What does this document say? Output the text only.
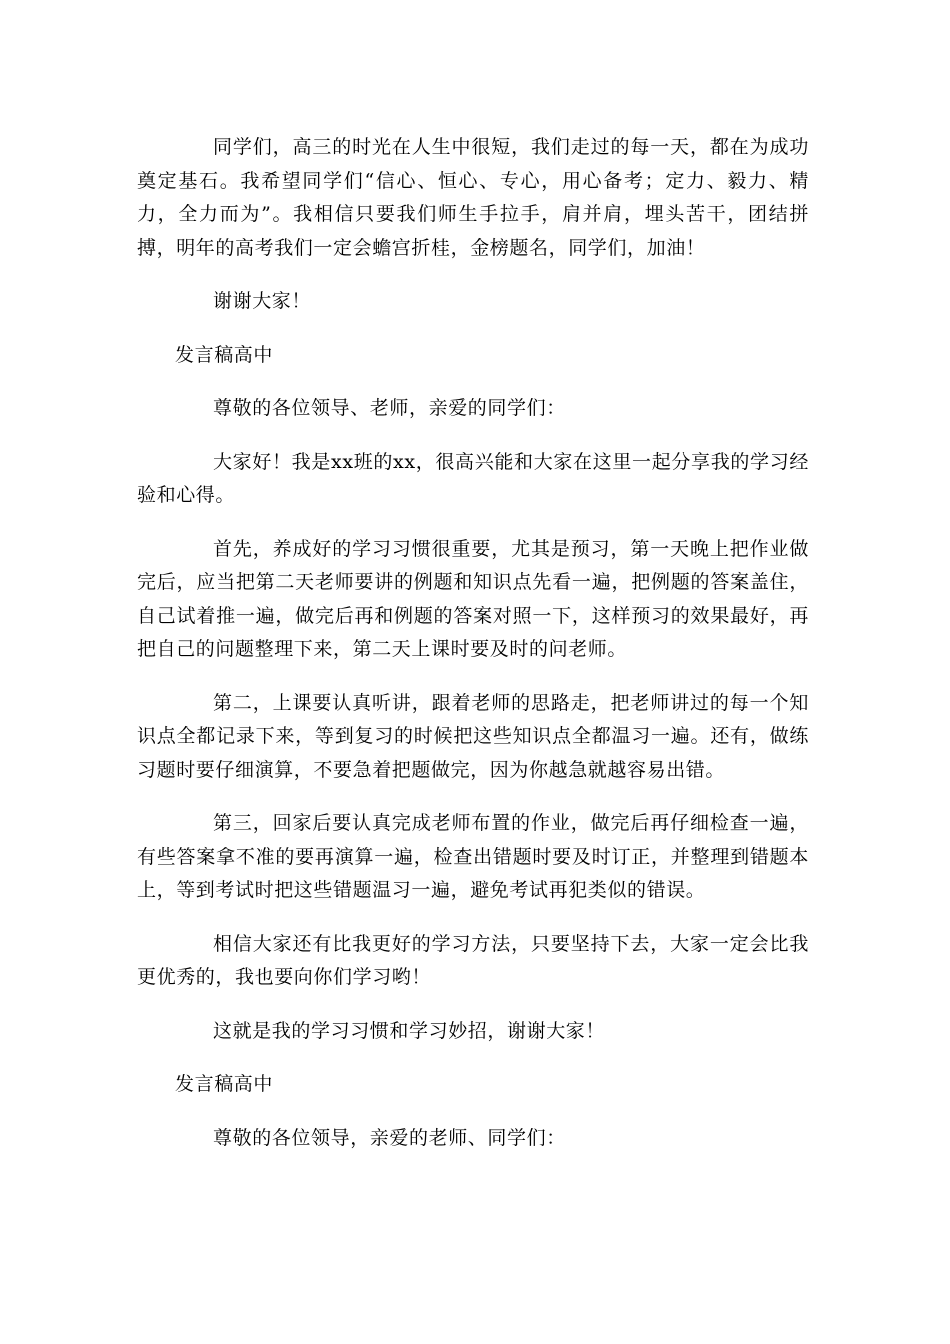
同学们，高三的时光在人生中很短，我们走过的每一天，都在为成功奠定基石。我希望同学们“信心、恒心、专心，用心备考；定力、毅力、精力，全力而为”。我相信只要我们师生手拉手，肩并肩，埋头苦干，团结拼搏，明年的高考我们一定会蟾宫折桂，金榜题名，同学们，加油！

谢谢大家！

发言稿高中

尊敬的各位领导、老师，亲爱的同学们：

大家好！我是xx班的xx，很高兴能和大家在这里一起分享我的学习经验和心得。

首先，养成好的学习习惯很重要，尤其是预习，第一天晚上把作业做完后，应当把第二天老师要讲的例题和知识点先看一遍，把例题的答案盖住，自己试着推一遍，做完后再和例题的答案对照一下，这样预习的效果最好，再把自己的问题整理下来，第二天上课时要及时的问老师。

第二，上课要认真听讲，跟着老师的思路走，把老师讲过的每一个知识点全都记录下来，等到复习的时候把这些知识点全都温习一遍。还有，做练习题时要仔细演算，不要急着把题做完，因为你越急就越容易出错。

第三，回家后要认真完成老师布置的作业，做完后再仔细检查一遍，有些答案拿不准的要再演算一遍，检查出错题时要及时订正，并整理到错题本上，等到考试时把这些错题温习一遍，避免考试再犯类似的错误。

相信大家还有比我更好的学习方法，只要坚持下去，大家一定会比我更优秀的，我也要向你们学习哟！

这就是我的学习习惯和学习妙招，谢谢大家！

发言稿高中

尊敬的各位领导，亲爱的老师、同学们：
